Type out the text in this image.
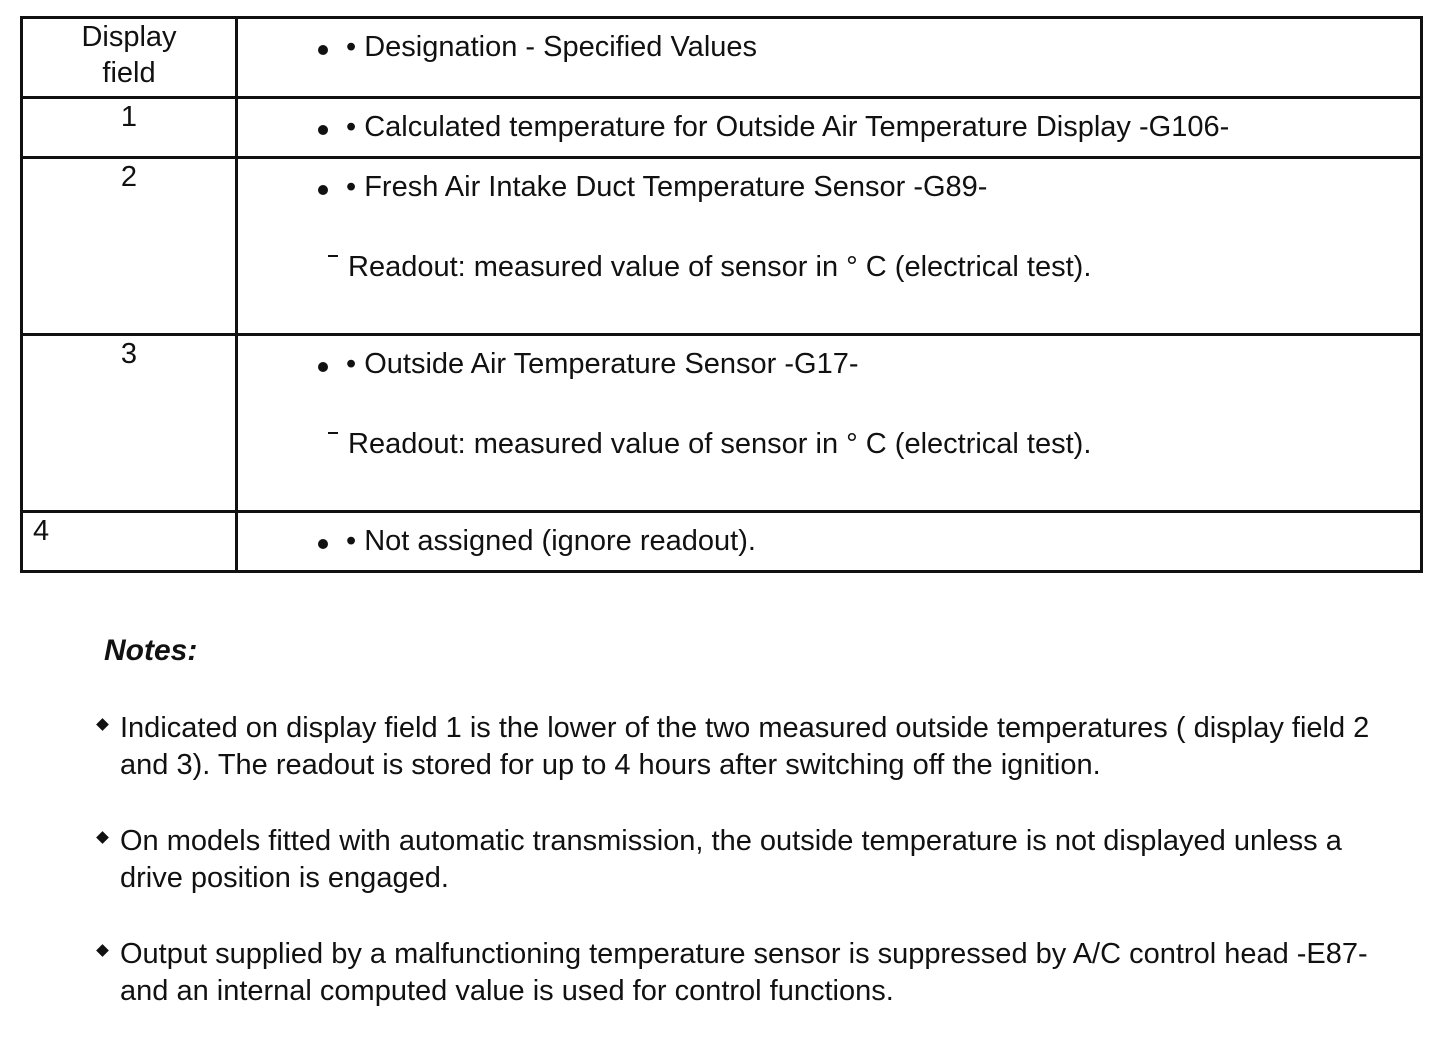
Display
field	• Designation - Specified Values

1	• Calculated temperature for Outside Air Temperature Display -G106-

2	• Fresh Air Intake Duct Temperature Sensor -G89-
Readout: measured value of sensor in ° C (electrical test).

3	• Outside Air Temperature Sensor -G17-
Readout: measured value of sensor in ° C (electrical test).

4	• Not assigned (ignore readout).
Notes:
Indicated on display field 1 is the lower of the two measured outside temperatures ( display field 2 and 3). The readout is stored for up to 4 hours after switching off the ignition.
On models fitted with automatic transmission, the outside temperature is not displayed unless a drive position is engaged.
Output supplied by a malfunctioning temperature sensor is suppressed by A/C control head -E87- and an internal computed value is used for control functions.
